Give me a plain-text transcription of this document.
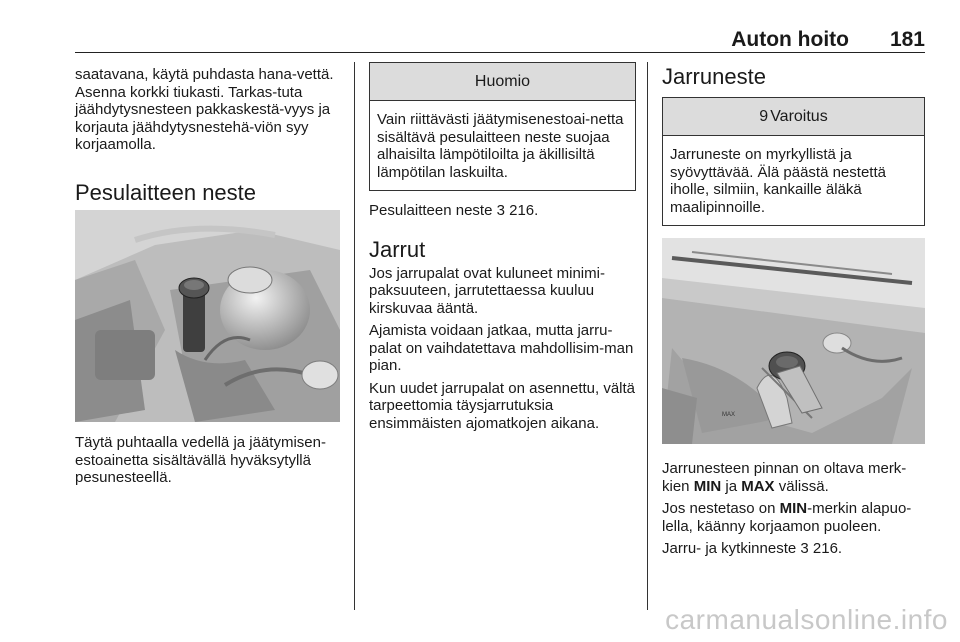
Auton hoito 181

saatavana, käytä puhdasta hana-vettä. Asenna korkki tiukasti. Tarkas-tuta jäähdytysnesteen pakkaskestä-vyys ja korjauta jäähdytysnestehä-viön syy korjaamolla.

Pesulaitteen neste

Täytä puhtaalla vedellä ja jäätymisen-estoainetta sisältävällä hyväksytyllä pesunesteellä.

Huomio
Vain riittävästi jäätymisenestoai-netta sisältävä pesulaitteen neste suojaa alhaisilta lämpötiloilta ja äkillisiltä lämpötilan laskuilta.

Pesulaitteen neste 3 216.

Jarrut

Jos jarrupalat ovat kuluneet minimi-paksuuteen, jarrutettaessa kuuluu kirskuvaa ääntä.

Ajamista voidaan jatkaa, mutta jarru-palat on vaihdatettava mahdollisim-man pian.

Kun uudet jarrupalat on asennettu, vältä tarpeettomia täysjarrutuksia ensimmäisten ajomatkojen aikana.

Jarruneste
9 Varoitus
Jarruneste on myrkyllistä ja syövyttävää. Älä päästä nestettä iholle, silmiin, kankaille äläkä maalipinnoille.
MAX

Jarrunesteen pinnan on oltava merk-kien MIN ja MAX välissä.

Jos nestetaso on MIN-merkin alapuo-lella, käänny korjaamon puoleen.

Jarru- ja kytkinneste 3 216.

carmanualsonline.info
